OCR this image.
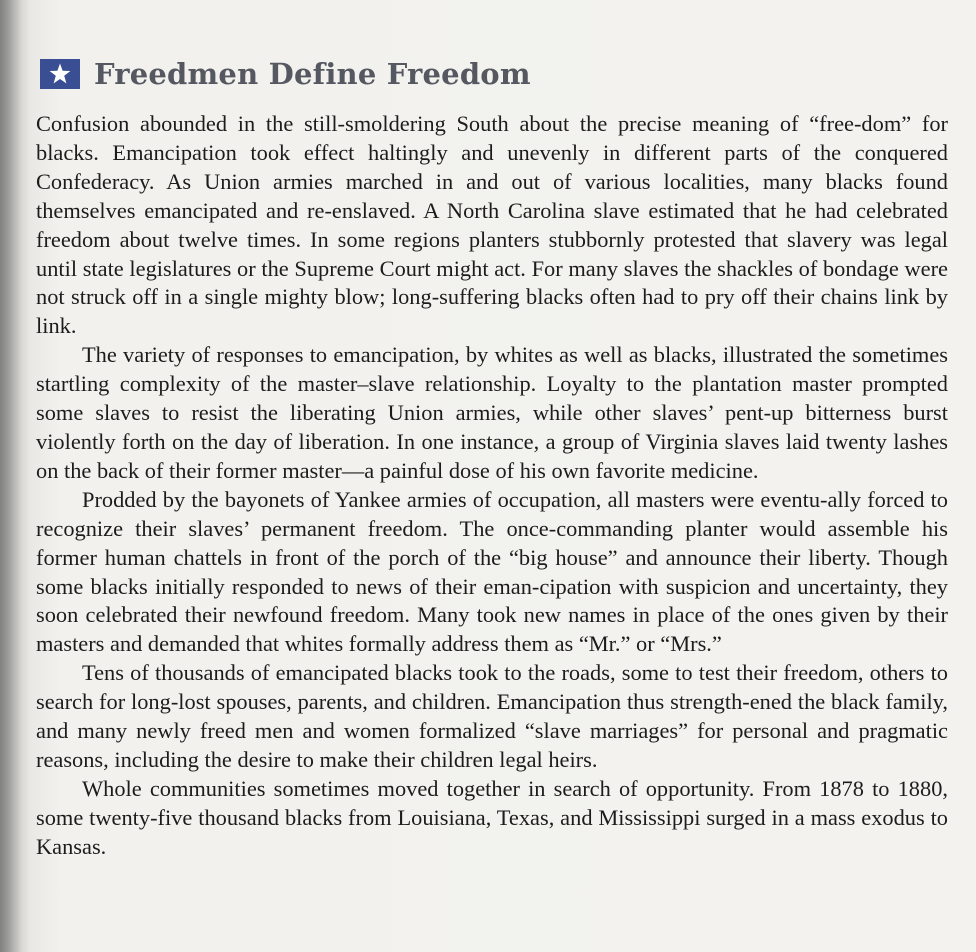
Freedmen Define Freedom

Confusion abounded in the still-smoldering South about the precise meaning of “free-dom” for blacks. Emancipation took effect haltingly and unevenly in different parts of the conquered Confederacy. As Union armies marched in and out of various localities, many blacks found themselves emancipated and re-enslaved. A North Carolina slave estimated that he had celebrated freedom about twelve times. In some regions planters stubbornly protested that slavery was legal until state legislatures or the Supreme Court might act. For many slaves the shackles of bondage were not struck off in a single mighty blow; long-suffering blacks often had to pry off their chains link by link.

The variety of responses to emancipation, by whites as well as blacks, illustrated the sometimes startling complexity of the master–slave relationship. Loyalty to the plantation master prompted some slaves to resist the liberating Union armies, while other slaves’ pent-up bitterness burst violently forth on the day of liberation. In one instance, a group of Virginia slaves laid twenty lashes on the back of their former master—a painful dose of his own favorite medicine.

Prodded by the bayonets of Yankee armies of occupation, all masters were eventu-ally forced to recognize their slaves’ permanent freedom. The once-commanding planter would assemble his former human chattels in front of the porch of the “big house” and announce their liberty. Though some blacks initially responded to news of their eman-cipation with suspicion and uncertainty, they soon celebrated their newfound freedom. Many took new names in place of the ones given by their masters and demanded that whites formally address them as “Mr.” or “Mrs.”

Tens of thousands of emancipated blacks took to the roads, some to test their freedom, others to search for long-lost spouses, parents, and children. Emancipation thus strength-ened the black family, and many newly freed men and women formalized “slave marriages” for personal and pragmatic reasons, including the desire to make their children legal heirs.

Whole communities sometimes moved together in search of opportunity. From 1878 to 1880, some twenty-five thousand blacks from Louisiana, Texas, and Mississippi surged in a mass exodus to Kansas.
